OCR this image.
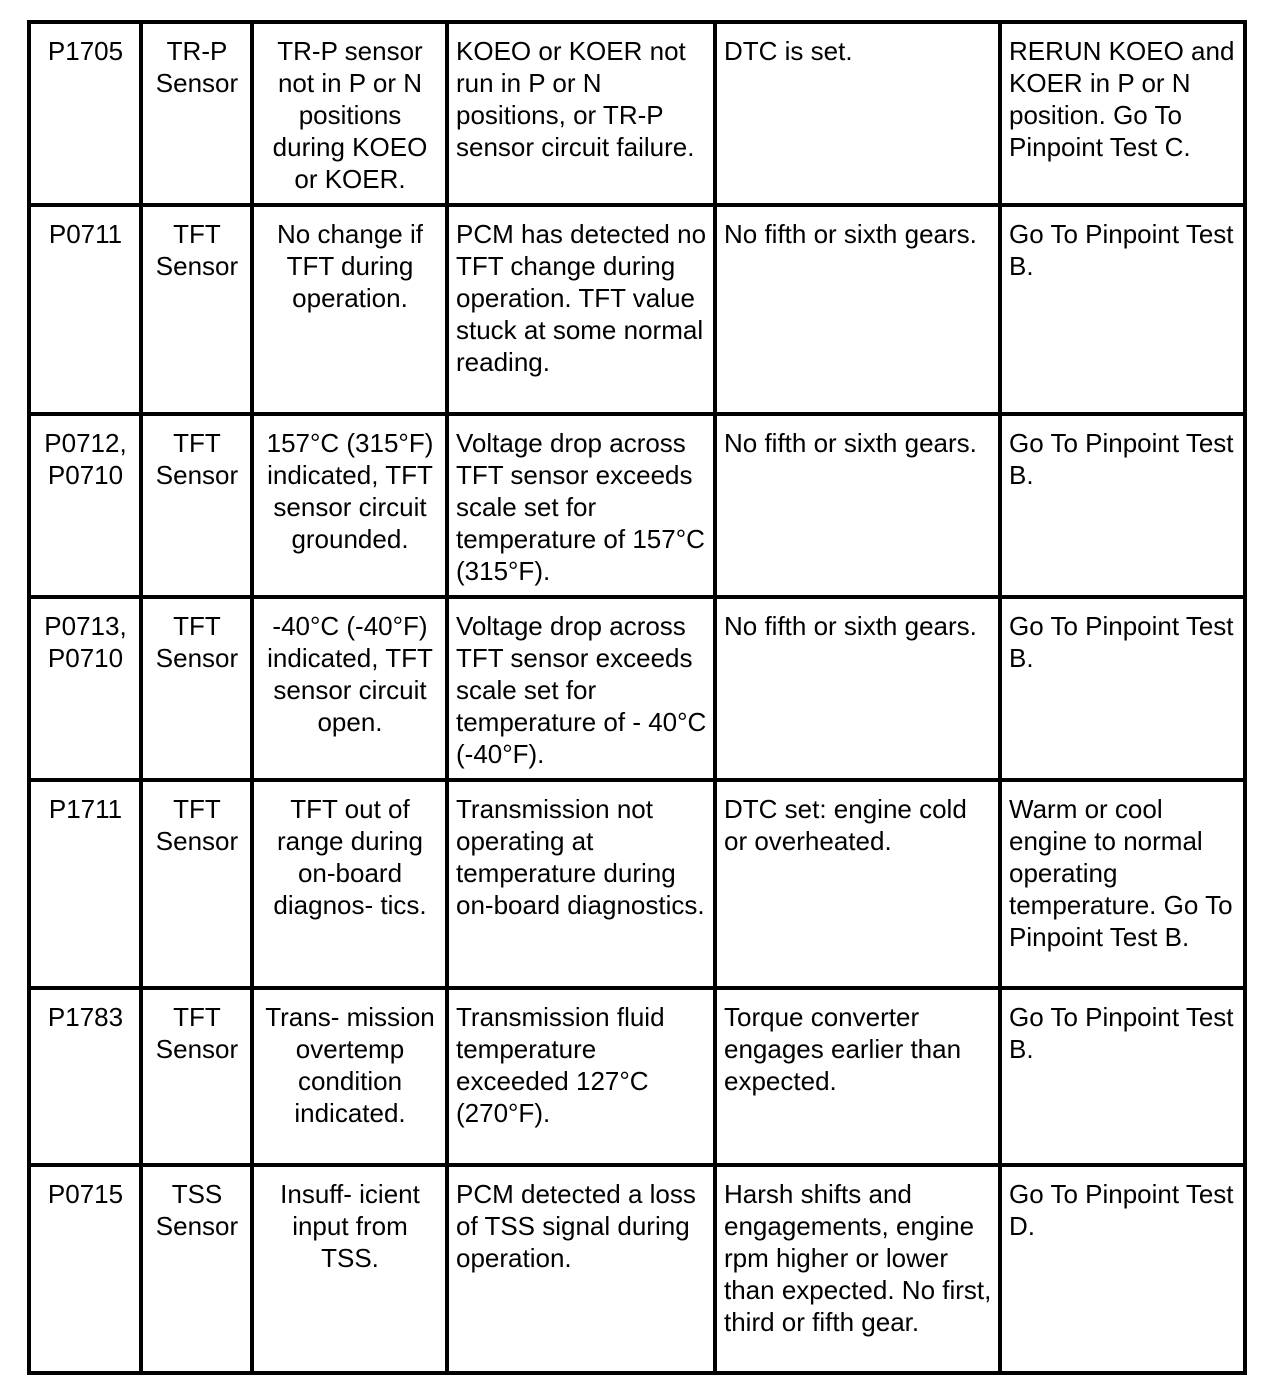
P1705	TR-P Sensor	TR-P sensor not in P or N positions during KOEO or KOER.	KOEO or KOER not run in P or N positions, or TR-P sensor circuit failure.	DTC is set.	RERUN KOEO and KOER in P or N position. Go To Pinpoint Test C.
P0711	TFT Sensor	No change if TFT during operation.	PCM has detected no TFT change during operation. TFT value stuck at some normal reading.	No fifth or sixth gears.	Go To Pinpoint Test B.
P0712, P0710	TFT Sensor	157°C (315°F) indicated, TFT sensor circuit grounded.	Voltage drop across TFT sensor exceeds scale set for temperature of 157°C (315°F).	No fifth or sixth gears.	Go To Pinpoint Test B.
P0713, P0710	TFT Sensor	-40°C (-40°F) indicated, TFT sensor circuit open.	Voltage drop across TFT sensor exceeds scale set for temperature of - 40°C (-40°F).	No fifth or sixth gears.	Go To Pinpoint Test B.
P1711	TFT Sensor	TFT out of range during on-board diagnos- tics.	Transmission not operating at temperature during on-board diagnostics.	DTC set: engine cold or overheated.	Warm or cool engine to normal operating temperature. Go To Pinpoint Test B.
P1783	TFT Sensor	Trans- mission overtemp condition indicated.	Transmission fluid temperature exceeded 127°C (270°F).	Torque converter engages earlier than expected.	Go To Pinpoint Test B.
P0715	TSS Sensor	Insuff- icient input from TSS.	PCM detected a loss of TSS signal during operation.	Harsh shifts and engagements, engine rpm higher or lower than expected. No first, third or fifth gear.	Go To Pinpoint Test D.
